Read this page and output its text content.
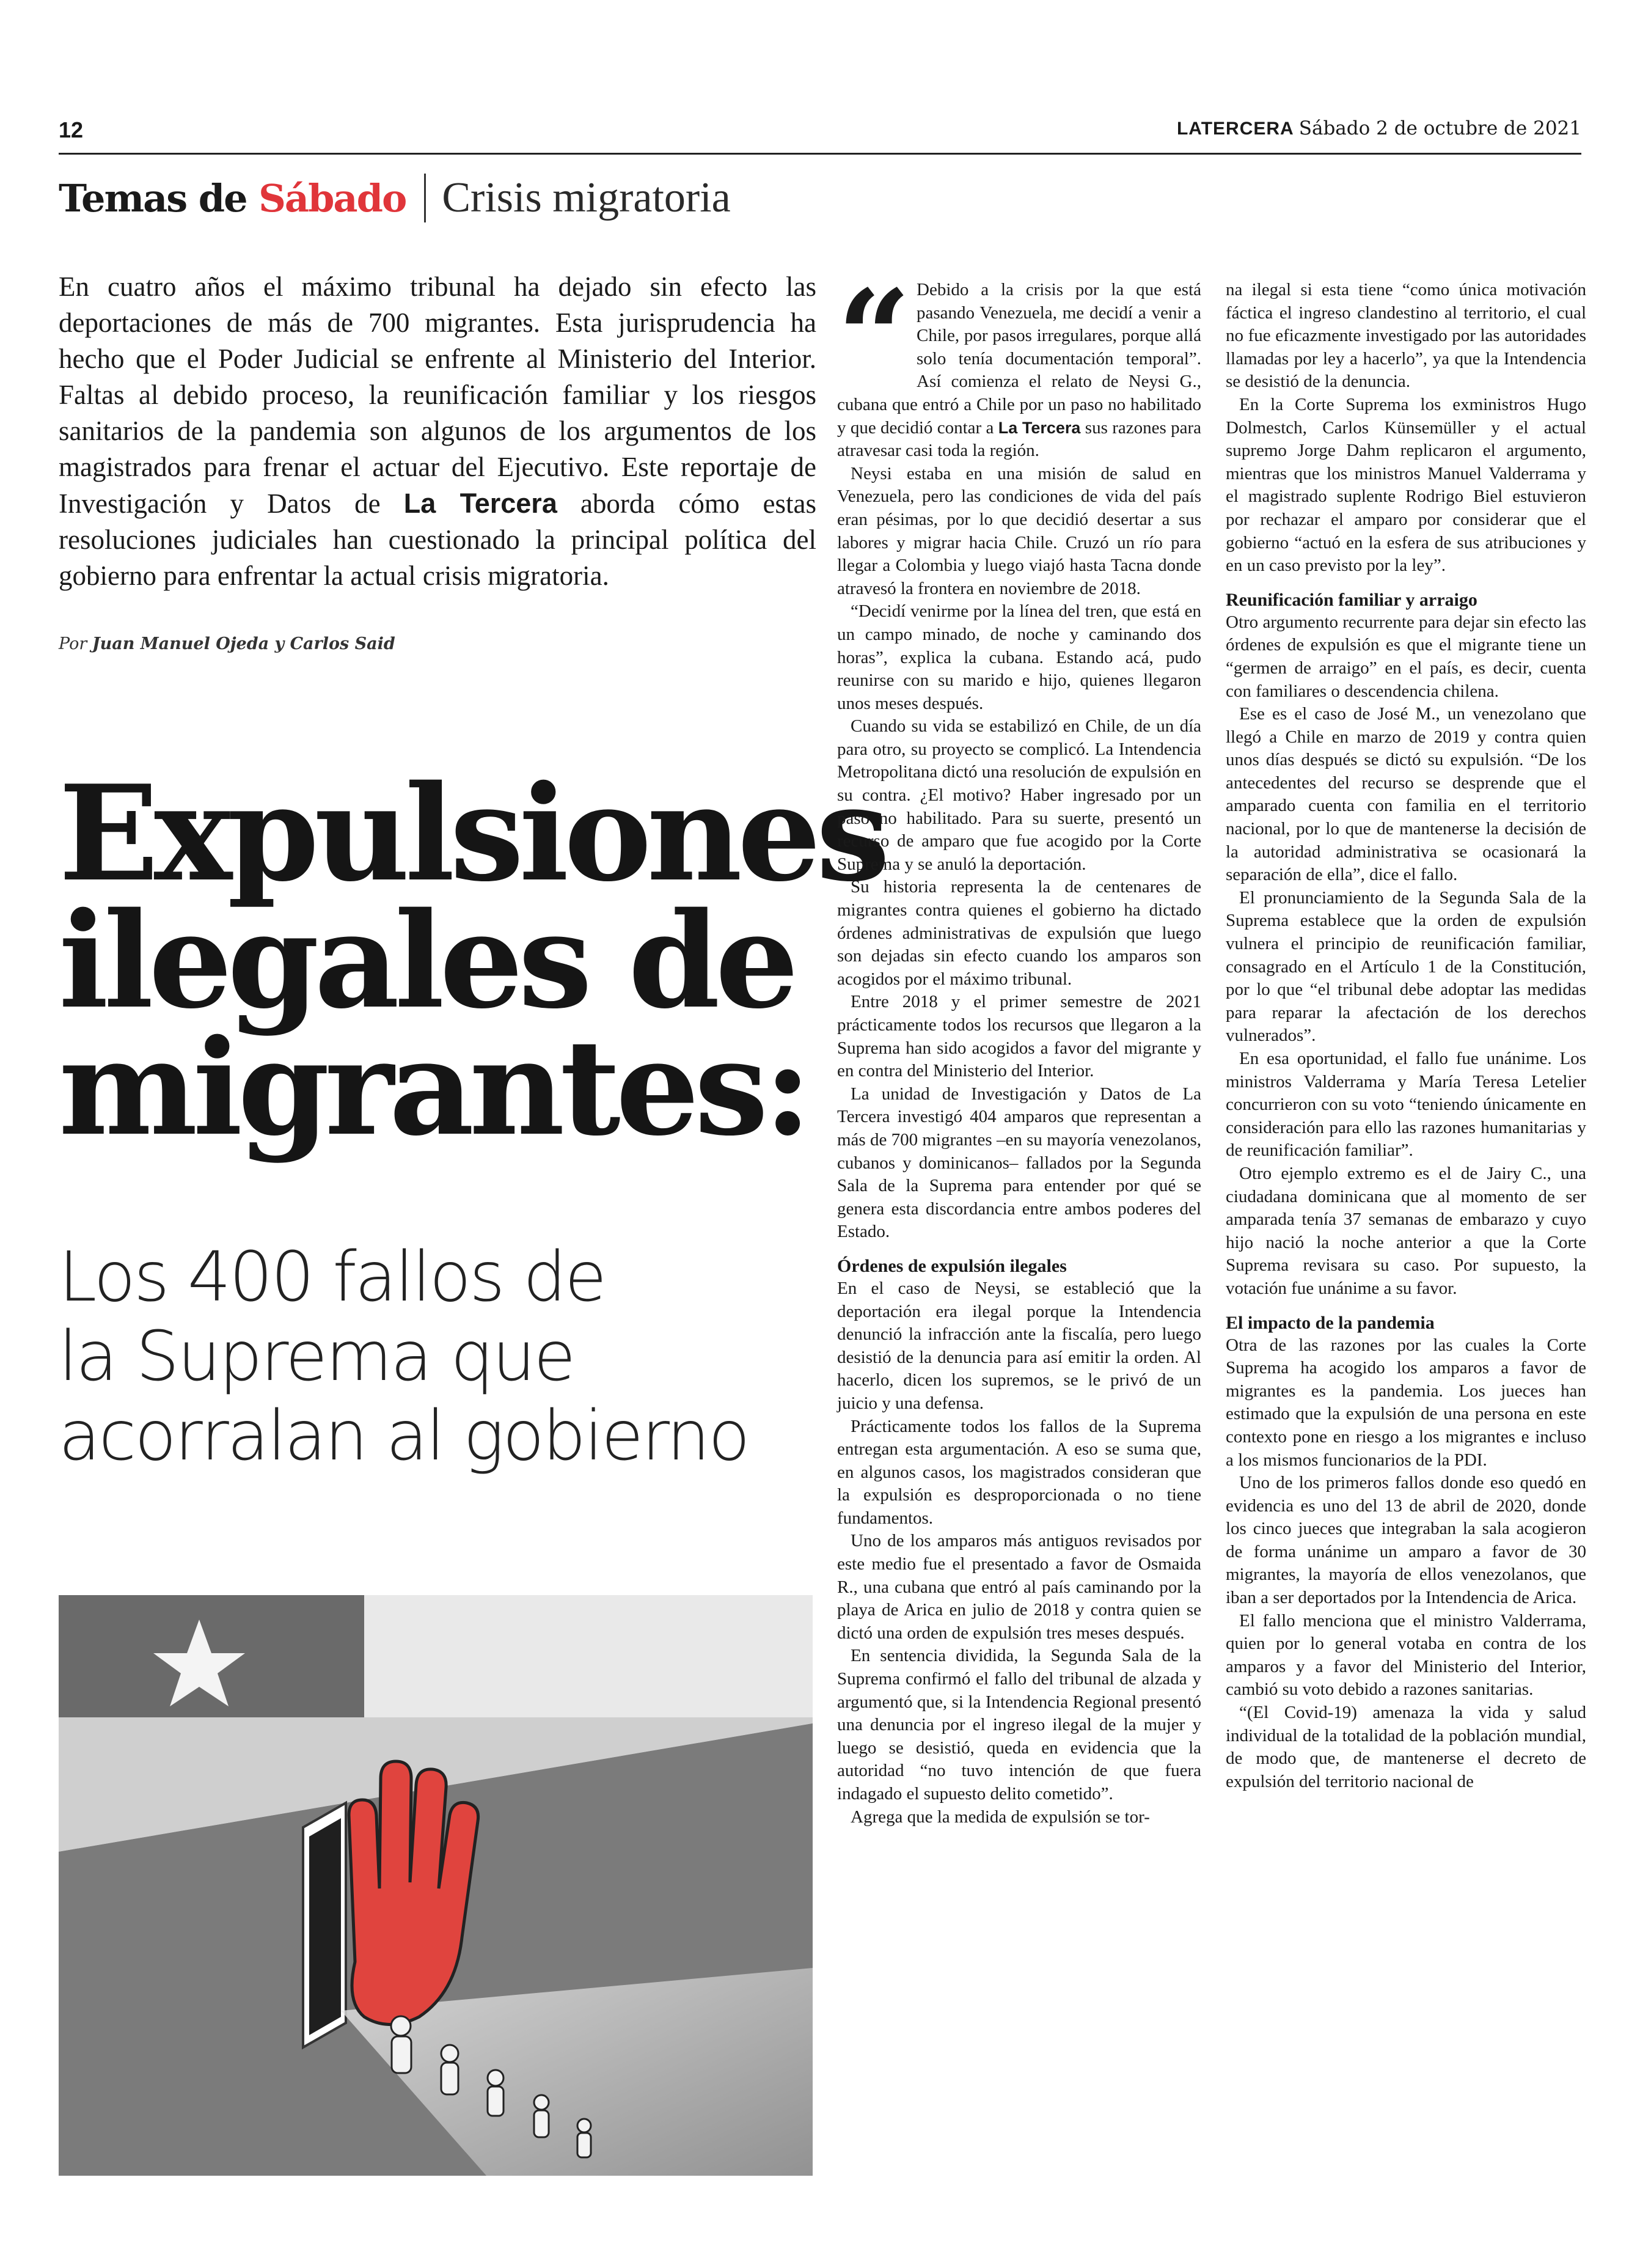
12	LATERCERA Sábado 2 de octubre de 2021
Temas de Sábado Crisis migratoria
En cuatro años el máximo tribunal ha dejado sin efecto las deportaciones de más de 700 migrantes. Esta jurisprudencia ha hecho que el Poder Judicial se enfrente al Ministerio del Interior. Faltas al debido proceso, la reunificación familiar y los riesgos sanitarios de la pandemia son algunos de los argumentos de los magistrados para frenar el actuar del Ejecutivo. Este reportaje de Investigación y Datos de La Tercera aborda cómo estas resoluciones judiciales han cuestionado la principal política del gobierno para enfrentar la actual crisis migratoria.
Por Juan Manuel Ojeda y Carlos Said
Expulsiones
ilegales de
migrantes:
Los 400 fallos de
la Suprema que
acorralan al gobierno

“ Debido a la crisis por la que está pasando Venezuela, me decidí a venir a Chile, por pasos irregulares, porque allá solo tenía documentación temporal”. Así comienza el relato de Neysi G., cubana que entró a Chile por un paso no habilitado y que decidió contar a La Tercera sus razones para atravesar casi toda la región.

Neysi estaba en una misión de salud en Venezuela, pero las condiciones de vida del país eran pésimas, por lo que decidió desertar a sus labores y migrar hacia Chile. Cruzó un río para llegar a Colombia y luego viajó hasta Tacna donde atravesó la frontera en noviembre de 2018.

“Decidí venirme por la línea del tren, que está en un campo minado, de noche y caminando dos horas”, explica la cubana. Estando acá, pudo reunirse con su marido e hijo, quienes llegaron unos meses después.

Cuando su vida se estabilizó en Chile, de un día para otro, su proyecto se complicó. La Intendencia Metropolitana dictó una resolución de expulsión en su contra. ¿El motivo? Haber ingresado por un paso no habilitado. Para su suerte, presentó un recurso de amparo que fue acogido por la Corte Suprema y se anuló la deportación.

Su historia representa la de centenares de migrantes contra quienes el gobierno ha dictado órdenes administrativas de expulsión que luego son dejadas sin efecto cuando los amparos son acogidos por el máximo tribunal.

Entre 2018 y el primer semestre de 2021 prácticamente todos los recursos que llegaron a la Suprema han sido acogidos a favor del migrante y en contra del Ministerio del Interior.

La unidad de Investigación y Datos de La Tercera investigó 404 amparos que representan a más de 700 migrantes –en su mayoría venezolanos, cubanos y dominicanos– fallados por la Segunda Sala de la Suprema para entender por qué se genera esta discordancia entre ambos poderes del Estado.

Órdenes de expulsión ilegales

En el caso de Neysi, se estableció que la deportación era ilegal porque la Intendencia denunció la infracción ante la fiscalía, pero luego desistió de la denuncia para así emitir la orden. Al hacerlo, dicen los supremos, se le privó de un juicio y una defensa.

Prácticamente todos los fallos de la Suprema entregan esta argumentación. A eso se suma que, en algunos casos, los magistrados consideran que la expulsión es desproporcionada o no tiene fundamentos.

Uno de los amparos más antiguos revisados por este medio fue el presentado a favor de Osmaida R., una cubana que entró al país caminando por la playa de Arica en julio de 2018 y contra quien se dictó una orden de expulsión tres meses después.

En sentencia dividida, la Segunda Sala de la Suprema confirmó el fallo del tribunal de alzada y argumentó que, si la Intendencia Regional presentó una denuncia por el ingreso ilegal de la mujer y luego se desistió, queda en evidencia que la autoridad “no tuvo intención de que fuera indagado el supuesto delito cometido”.

Agrega que la medida de expulsión se tor-

na ilegal si esta tiene “como única motivación fáctica el ingreso clandestino al territorio, el cual no fue eficazmente investigado por las autoridades llamadas por ley a hacerlo”, ya que la Intendencia se desistió de la denuncia.

En la Corte Suprema los exministros Hugo Dolmestch, Carlos Künsemüller y el actual supremo Jorge Dahm replicaron el argumento, mientras que los ministros Manuel Valderrama y el magistrado suplente Rodrigo Biel estuvieron por rechazar el amparo por considerar que el gobierno “actuó en la esfera de sus atribuciones y en un caso previsto por la ley”.

Reunificación familiar y arraigo

Otro argumento recurrente para dejar sin efecto las órdenes de expulsión es que el migrante tiene un “germen de arraigo” en el país, es decir, cuenta con familiares o descendencia chilena.

Ese es el caso de José M., un venezolano que llegó a Chile en marzo de 2019 y contra quien unos días después se dictó su expulsión. “De los antecedentes del recurso se desprende que el amparado cuenta con familia en el territorio nacional, por lo que de mantenerse la decisión de la autoridad administrativa se ocasionará la separación de ella”, dice el fallo.

El pronunciamiento de la Segunda Sala de la Suprema establece que la orden de expulsión vulnera el principio de reunificación familiar, consagrado en el Artículo 1 de la Constitución, por lo que “el tribunal debe adoptar las medidas para reparar la afectación de los derechos vulnerados”.

En esa oportunidad, el fallo fue unánime. Los ministros Valderrama y María Teresa Letelier concurrieron con su voto “teniendo únicamente en consideración para ello las razones humanitarias y de reunificación familiar”.

Otro ejemplo extremo es el de Jairy C., una ciudadana dominicana que al momento de ser amparada tenía 37 semanas de embarazo y cuyo hijo nació la noche anterior a que la Corte Suprema revisara su caso. Por supuesto, la votación fue unánime a su favor.

El impacto de la pandemia

Otra de las razones por las cuales la Corte Suprema ha acogido los amparos a favor de migrantes es la pandemia. Los jueces han estimado que la expulsión de una persona en este contexto pone en riesgo a los migrantes e incluso a los mismos funcionarios de la PDI.

Uno de los primeros fallos donde eso quedó en evidencia es uno del 13 de abril de 2020, donde los cinco jueces que integraban la sala acogieron de forma unánime un amparo a favor de 30 migrantes, la mayoría de ellos venezolanos, que iban a ser deportados por la Intendencia de Arica.

El fallo menciona que el ministro Valderrama, quien por lo general votaba en contra de los amparos y a favor del Ministerio del Interior, cambió su voto debido a razones sanitarias.

“(El Covid-19) amenaza la vida y salud individual de la totalidad de la población mundial, de modo que, de mantenerse el decreto de expulsión del territorio nacional de
